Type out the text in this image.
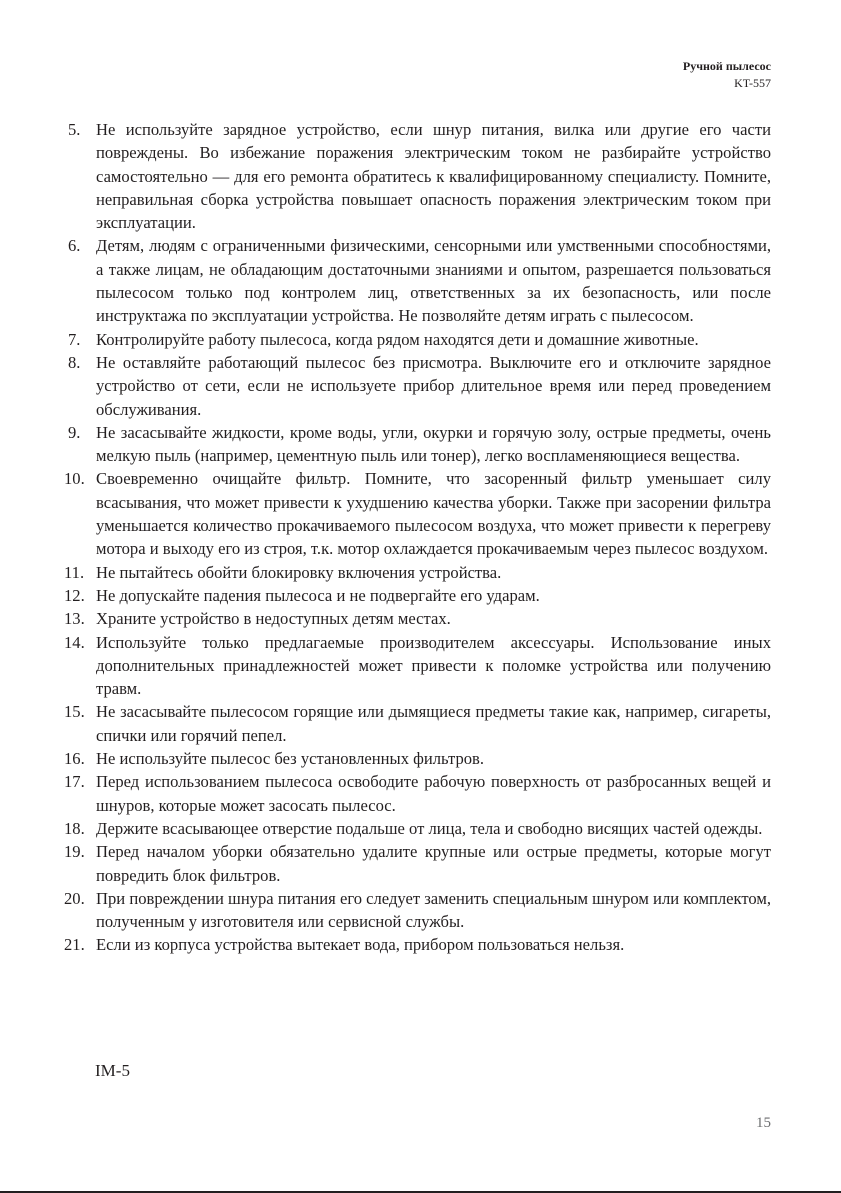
Ручной пылесос
KT-557
5. Не используйте зарядное устройство, если шнур питания, вилка или другие его части повреждены. Во избежание поражения электрическим током не разбирайте устройство самостоятельно — для его ремонта обратитесь к квалифицированному специалисту. Помните, неправильная сборка устройства повышает опасность поражения электрическим током при эксплуатации.
6. Детям, людям с ограниченными физическими, сенсорными или умственными способностями, а также лицам, не обладающим достаточными знаниями и опытом, разрешается пользоваться пылесосом только под контролем лиц, ответственных за их безопасность, или после инструктажа по эксплуатации устройства. Не позволяйте детям играть с пылесосом.
7. Контролируйте работу пылесоса, когда рядом находятся дети и домашние животные.
8. Не оставляйте работающий пылесос без присмотра. Выключите его и отключите зарядное устройство от сети, если не используете прибор длительное время или перед проведением обслуживания.
9. Не засасывайте жидкости, кроме воды, угли, окурки и горячую золу, острые предметы, очень мелкую пыль (например, цементную пыль или тонер), легко воспламеняющиеся вещества.
10. Своевременно очищайте фильтр. Помните, что засоренный фильтр уменьшает силу всасывания, что может привести к ухудшению качества уборки. Также при засорении фильтра уменьшается количество прокачиваемого пылесосом воздуха, что может привести к перегреву мотора и выходу его из строя, т.к. мотор охлаждается прокачиваемым через пылесос воздухом.
11. Не пытайтесь обойти блокировку включения устройства.
12. Не допускайте падения пылесоса и не подвергайте его ударам.
13. Храните устройство в недоступных детям местах.
14. Используйте только предлагаемые производителем аксессуары. Использование иных дополнительных принадлежностей может привести к поломке устройства или получению травм.
15. Не засасывайте пылесосом горящие или дымящиеся предметы такие как, например, сигареты, спички или горячий пепел.
16. Не используйте пылесос без установленных фильтров.
17. Перед использованием пылесоса освободите рабочую поверхность от разбросанных вещей и шнуров, которые может засосать пылесос.
18. Держите всасывающее отверстие подальше от лица, тела и свободно висящих частей одежды.
19. Перед началом уборки обязательно удалите крупные или острые предметы, которые могут повредить блок фильтров.
20. При повреждении шнура питания его следует заменить специальным шнуром или комплектом, полученным у изготовителя или сервисной службы.
21. Если из корпуса устройства вытекает вода, прибором пользоваться нельзя.
IM-5
15
